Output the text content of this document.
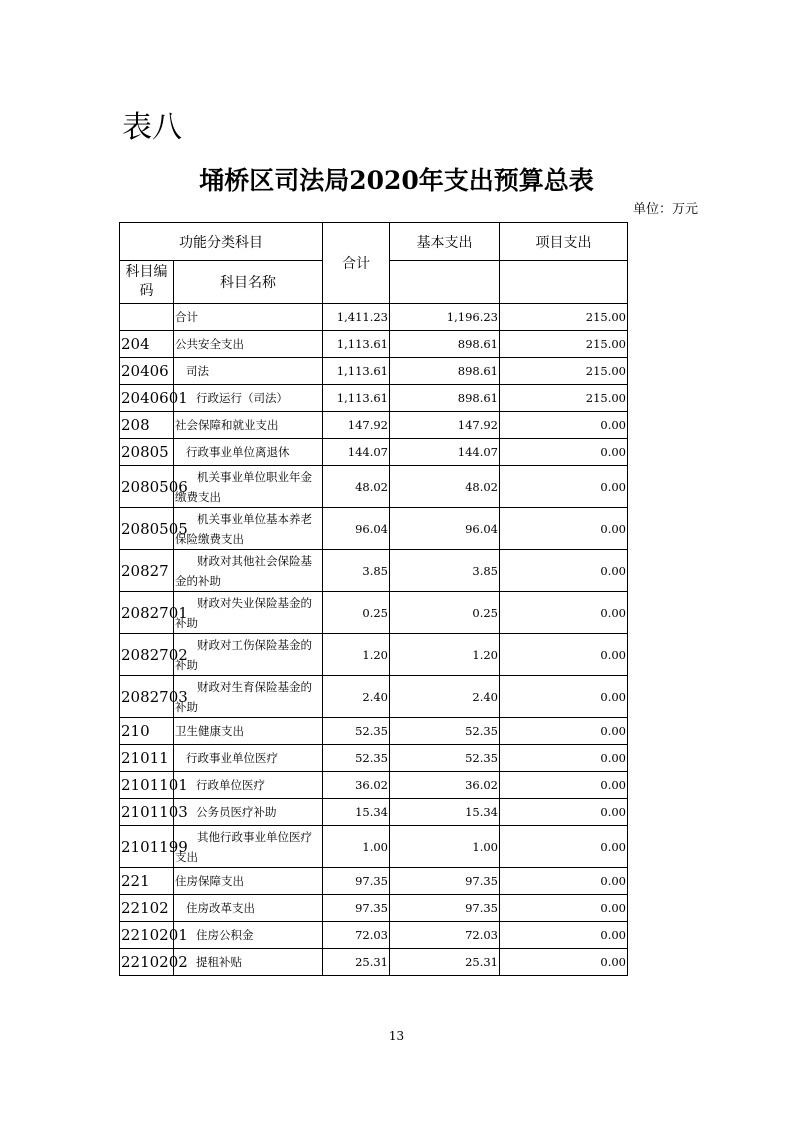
表八
埇桥区司法局2020年支出预算总表
单位：万元
功能分类科目		合计	基本支出	项目支出
科目编码	科目名称			
	合计	1,411.23	1,196.23	215.00
204	公共安全支出	1,113.61	898.61	215.00
20406	司法	1,113.61	898.61	215.00
2040601	行政运行（司法）	1,113.61	898.61	215.00
208	社会保障和就业支出	147.92	147.92	0.00
20805	行政事业单位离退休	144.07	144.07	0.00
2080506	机关事业单位职业年金缴费支出	48.02	48.02	0.00
2080505	机关事业单位基本养老保险缴费支出	96.04	96.04	0.00
20827	财政对其他社会保险基金的补助	3.85	3.85	0.00
2082701	财政对失业保险基金的补助	0.25	0.25	0.00
2082702	财政对工伤保险基金的补助	1.20	1.20	0.00
2082703	财政对生育保险基金的补助	2.40	2.40	0.00
210	卫生健康支出	52.35	52.35	0.00
21011	行政事业单位医疗	52.35	52.35	0.00
2101101	行政单位医疗	36.02	36.02	0.00
2101103	公务员医疗补助	15.34	15.34	0.00
2101199	其他行政事业单位医疗支出	1.00	1.00	0.00
221	住房保障支出	97.35	97.35	0.00
22102	住房改革支出	97.35	97.35	0.00
2210201	住房公积金	72.03	72.03	0.00
2210202	提租补贴	25.31	25.31	0.00
13
